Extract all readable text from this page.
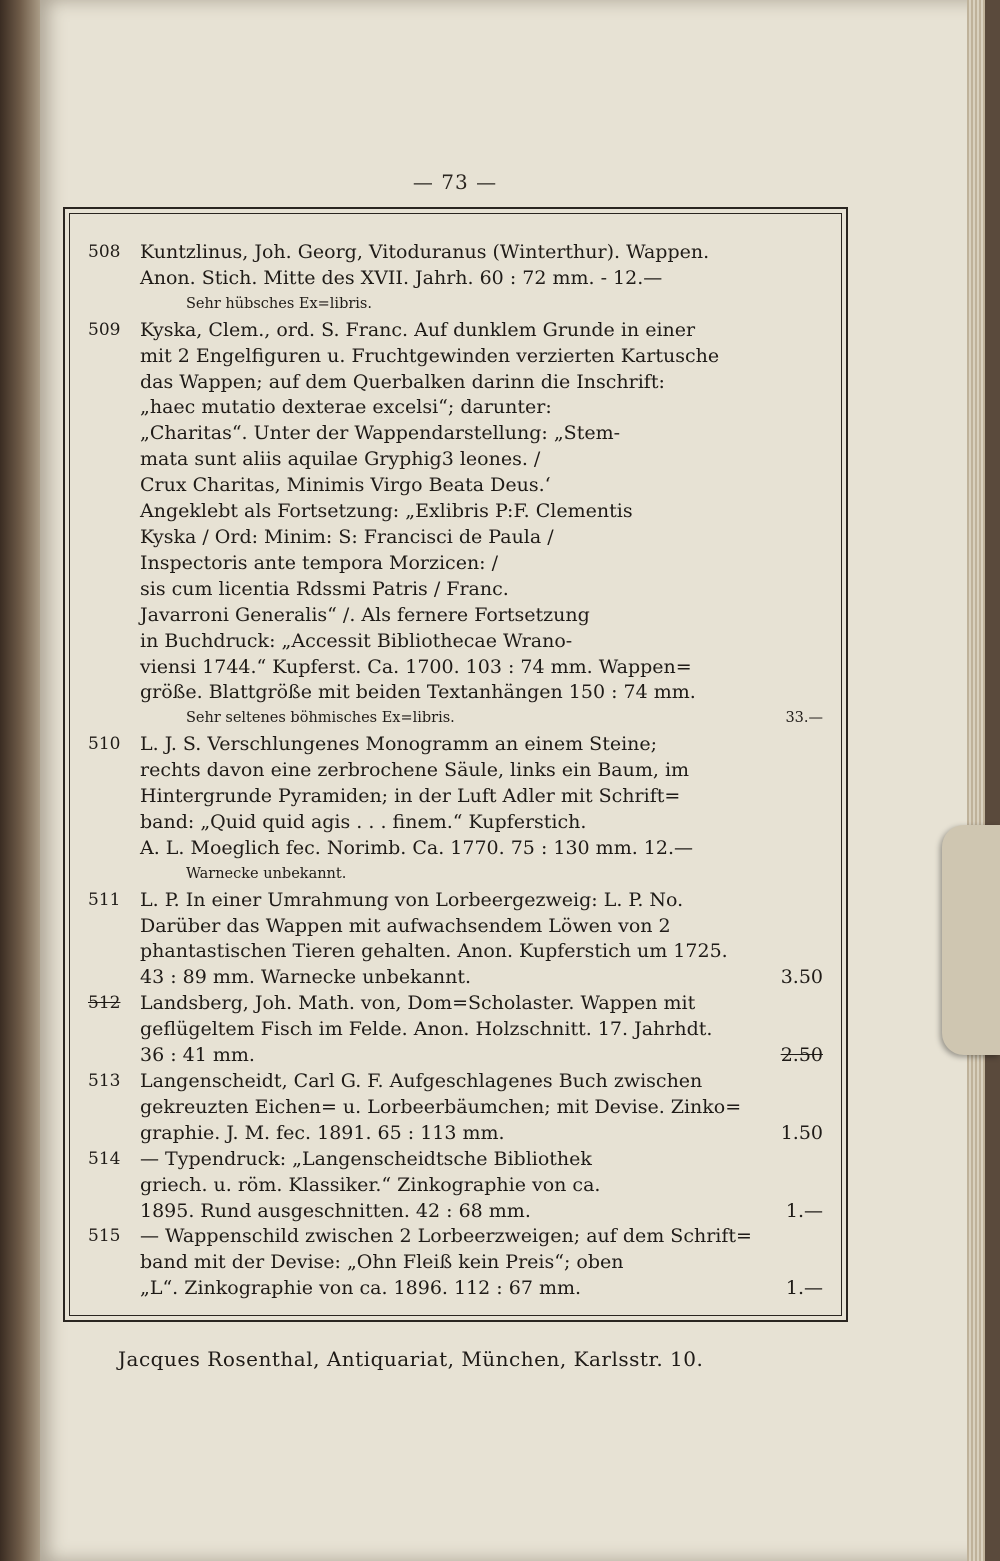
— 73 —
508	Kuntzlinus, Joh. Georg, Vitoduranus (Winterthur). Wappen.
Anon. Stich. Mitte des XVII. Jahrh. 60 : 72 mm. ‐ 12.—
Sehr hübsches Ex=libris.
509	Kyska, Clem., ord. S. Franc. Auf dunklem Grunde in einer
mit 2 Engelfiguren u. Fruchtgewinden verzierten Kartusche
das Wappen; auf dem Querbalken darinn die Inschrift:
„haec mutatio dexterae excelsi“; darunter:
„Charitas“. Unter der Wappendarstellung: „Stem-
mata sunt aliis aquilae Gryphig3 leones. /
Crux Charitas, Minimis Virgo Beata Deus.‘
Angeklebt als Fortsetzung: „Exlibris P:F. Clementis
Kyska / Ord: Minim: S: Francisci de Paula /
Inspectoris ante tempora Morzicen: /
sis cum licentia Rdssmi Patris / Franc.
Javarroni Generalis“ /. Als fernere Fortsetzung
in Buchdruck: „Accessit Bibliothecae Wrano-
viensi 1744.“ Kupferst. Ca. 1700. 103 : 74 mm. Wappen=
größe. Blattgröße mit beiden Textanhängen 150 : 74 mm.
Sehr seltenes böhmisches Ex=libris.	33.—
510	L. J. S. Verschlungenes Monogramm an einem Steine;
rechts davon eine zerbrochene Säule, links ein Baum, im
Hintergrunde Pyramiden; in der Luft Adler mit Schrift=
band: „Quid quid agis . . . finem.“ Kupferstich.
A. L. Moeglich fec. Norimb. Ca. 1770. 75 : 130 mm. 12.—
Warnecke unbekannt.
511	L. P. In einer Umrahmung von Lorbeergezweig: L. P. No.
Darüber das Wappen mit aufwachsendem Löwen von 2
phantastischen Tieren gehalten. Anon. Kupferstich um 1725.
43 : 89 mm. Warnecke unbekannt.	3.50
512	Landsberg, Joh. Math. von, Dom=Scholaster. Wappen mit
geflügeltem Fisch im Felde. Anon. Holzschnitt. 17. Jahrhdt.
36 : 41 mm.	2.50
513	Langenscheidt, Carl G. F. Aufgeschlagenes Buch zwischen
gekreuzten Eichen= u. Lorbeerbäumchen; mit Devise. Zinko=
graphie. J. M. fec. 1891. 65 : 113 mm.	1.50
514	— Typendruck: „Langenscheidtsche Bibliothek
griech. u. röm. Klassiker.“ Zinkographie von ca.
1895. Rund ausgeschnitten. 42 : 68 mm.	1.—
515	— Wappenschild zwischen 2 Lorbeerzweigen; auf dem Schrift=
band mit der Devise: „Ohn Fleiß kein Preis“; oben
„L“. Zinkographie von ca. 1896. 112 : 67 mm.	1.—
Jacques Rosenthal, Antiquariat, München, Karlsstr. 10.
